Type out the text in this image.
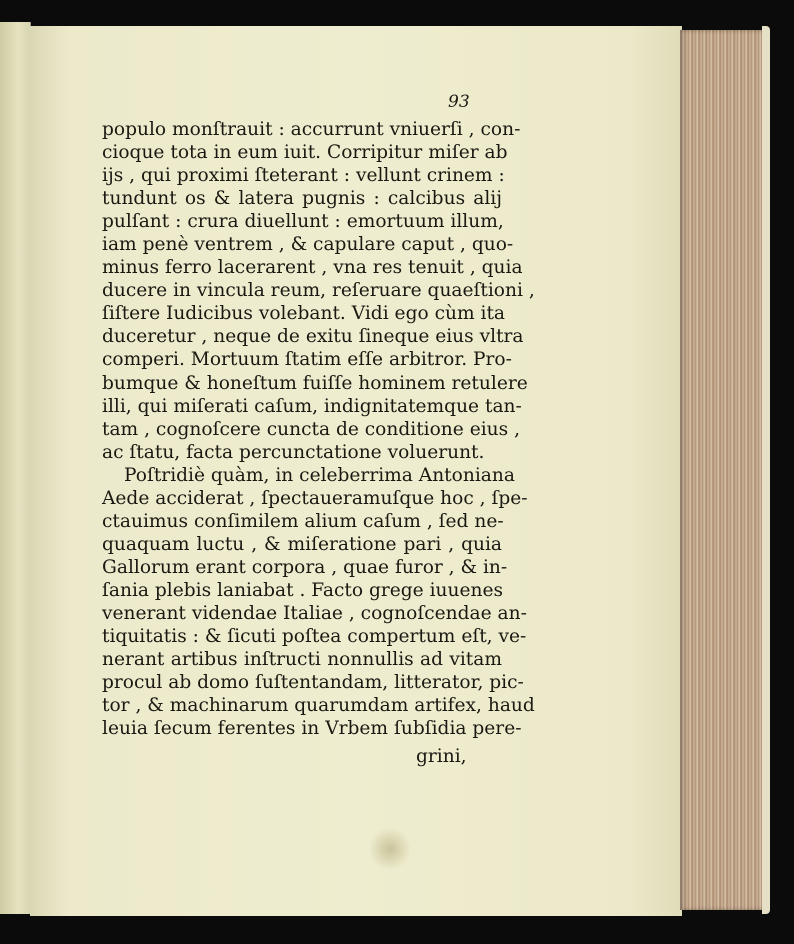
93
populo monſtrauit : accurrunt vniuerſi , con-
cioque tota in eum iuit. Corripitur miſer ab
ijs , qui proximi ſteterant : vellunt crinem :
tundunt os & latera pugnis : calcibus alij
pulſant : crura diuellunt : emortuum illum,
iam penè ventrem , & capulare caput , quo-
minus ferro lacerarent , vna res tenuit , quia
ducere in vincula reum, reſeruare quaeſtioni ,
ſiſtere Iudicibus volebant. Vidi ego cùm ita
duceretur , neque de exitu ſineque eius vltra
comperi. Mortuum ſtatim eſſe arbitror. Pro-
bumque & honeſtum fuiſſe hominem retulere
illi, qui miſerati caſum, indignitatemque tan-
tam , cognoſcere cuncta de conditione eius ,
ac ſtatu, facta percunctatione voluerunt.
Poſtridiè quàm, in celeberrima Antoniana
Aede acciderat , ſpectaueramuſque hoc , ſpe-
ctauimus conſimilem alium caſum , ſed ne-
quaquam luctu , & miſeratione pari , quia
Gallorum erant corpora , quae furor , & in-
ſania plebis laniabat . Facto grege iuuenes
venerant videndae Italiae , cognoſcendae an-
tiquitatis : & ſicuti poſtea compertum eſt, ve-
nerant artibus inſtructi nonnullis ad vitam
procul ab domo ſuſtentandam, litterator, pic-
tor , & machinarum quarumdam artifex, haud
leuia ſecum ferentes in Vrbem ſubſidia pere-
grini,
